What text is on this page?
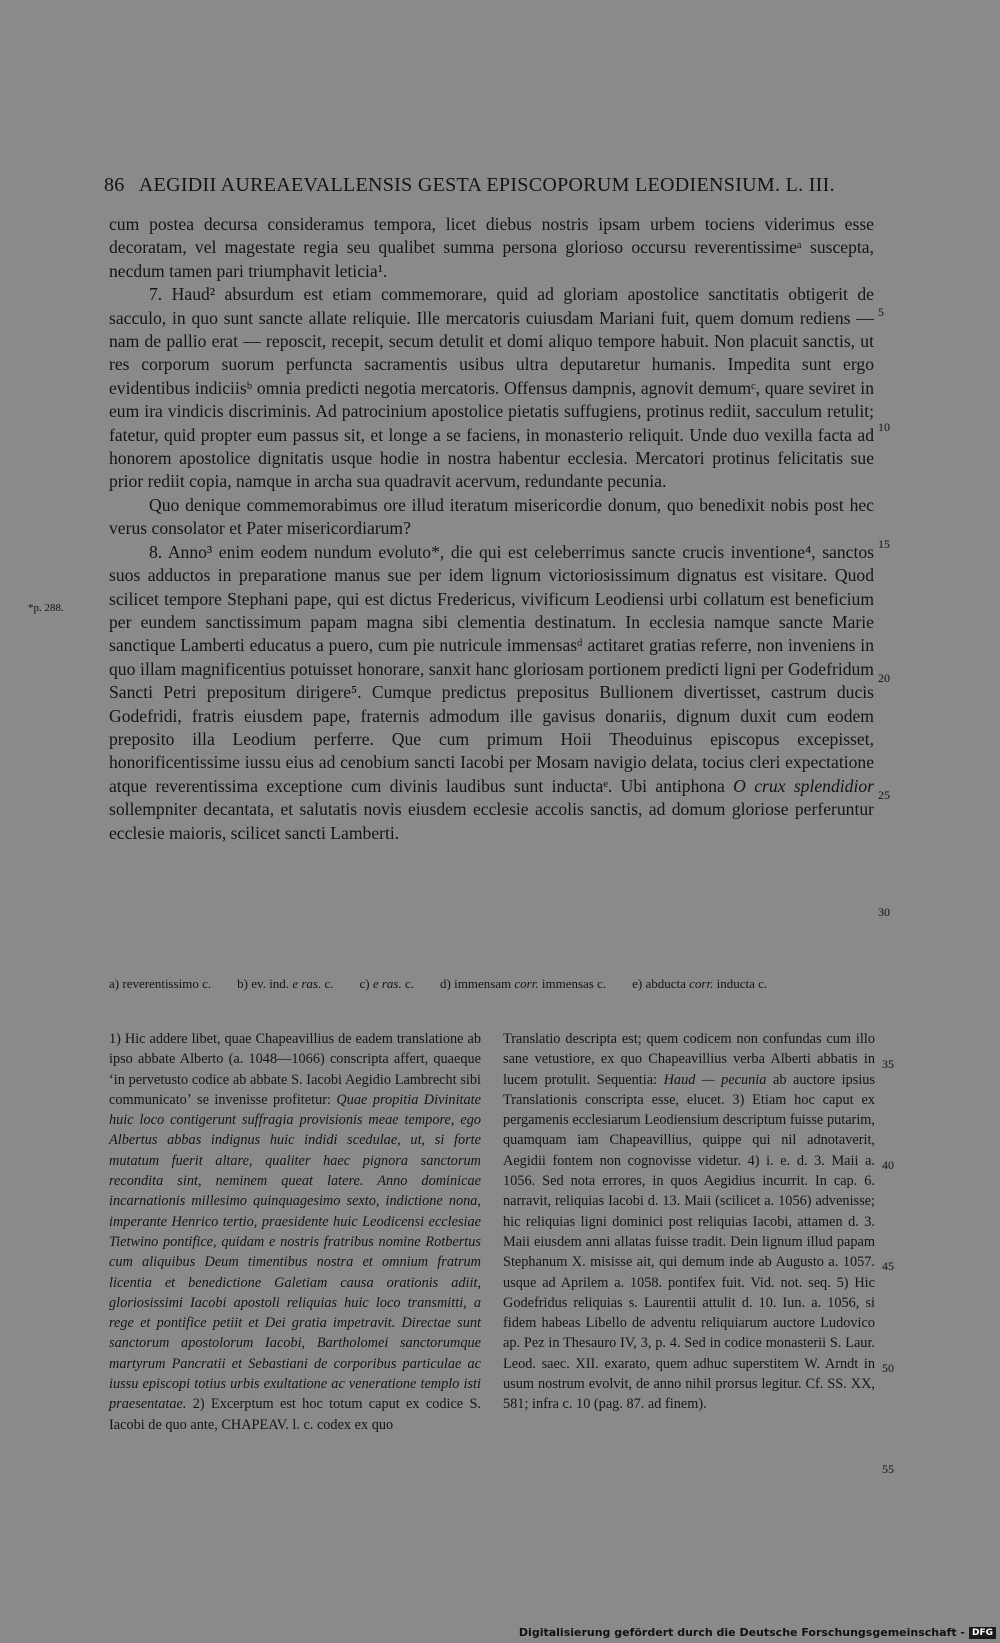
86 AEGIDII AUREAEVALLENSIS GESTA EPISCOPORUM LEODIENSIUM. L. III.

cum postea decursa consideramus tempora, licet diebus nostris ipsam urbem tociens viderimus esse decoratam, vel magestate regia seu qualibet summa persona glorioso occursu reverentissimeᵃ suscepta, necdum tamen pari triumphavit leticia¹.

7. Haud² absurdum est etiam commemorare, quid ad gloriam apostolice sanctitatis obtigerit de sacculo, in quo sunt sancte allate reliquie. Ille mercatoris cuiusdam Mariani fuit, quem domum rediens — nam de pallio erat — reposcit, recepit, secum detulit et domi aliquo tempore habuit. Non placuit sanctis, ut res corporum suorum perfuncta sacramentis usibus ultra deputaretur humanis. Impedita sunt ergo evidentibus indiciisᵇ omnia predicti negotia mercatoris. Offensus dampnis, agnovit demumᶜ, quare seviret in eum ira vindicis discriminis. Ad patrocinium apostolice pietatis suffugiens, protinus rediit, sacculum retulit; fatetur, quid propter eum passus sit, et longe a se faciens, in monasterio reliquit. Unde duo vexilla facta ad honorem apostolice dignitatis usque hodie in nostra habentur ecclesia. Mercatori protinus felicitatis sue prior rediit copia, namque in archa sua quadravit acervum, redundante pecunia.

Quo denique commemorabimus ore illud iteratum misericordie donum, quo benedixit nobis post hec verus consolator et Pater misericordiarum?

8. Anno³ enim eodem nundum evoluto*, die qui est celeberrimus sancte crucis inventione⁴, sanctos suos adductos in preparatione manus sue per idem lignum victoriosissimum dignatus est visitare. Quod scilicet tempore Stephani pape, qui est dictus Fredericus, vivificum Leodiensi urbi collatum est beneficium per eundem sanctissimum papam magna sibi clementia destinatum. In ecclesia namque sancte Marie sanctique Lamberti educatus a puero, cum pie nutricule immensasᵈ actitaret gratias referre, non inveniens in quo illam magnificentius potuisset honorare, sanxit hanc gloriosam portionem predicti ligni per Godefridum Sancti Petri prepositum dirigere⁵. Cumque predictus prepositus Bullionem divertisset, castrum ducis Godefridi, fratris eiusdem pape, fraternis admodum ille gavisus donariis, dignum duxit cum eodem preposito illa Leodium perferre. Que cum primum Hoii Theoduinus episcopus excepisset, honorificentissime iussu eius ad cenobium sancti Iacobi per Mosam navigio delata, tocius cleri expectatione atque reverentissima exceptione cum divinis laudibus sunt inductaᵉ. Ubi antiphona O crux splendidior sollempniter decantata, et salutatis novis eiusdem ecclesie accolis sanctis, ad domum gloriose perferuntur ecclesie maioris, scilicet sancti Lamberti.

*p. 288.
5
10
15
20
25
30
a) reverentissimo c. b) ev. ind. e ras. c. c) e ras. c. d) immensam corr. immensas c. e) abducta corr. inducta c.

1) Hic addere libet, quae Chapeavillius de eadem translatione ab ipso abbate Alberto (a. 1048—1066) conscripta affert, quaeque ʻin pervetusto codice ab abbate S. Iacobi Aegidio Lambrecht sibi communicatoʼ se invenisse profitetur: Quae propitia Divinitate huic loco contigerunt suffragia provisionis meae tempore, ego Albertus abbas indignus huic indidi scedulae, ut, si forte mutatum fuerit altare, qualiter haec pignora sanctorum recondita sint, neminem queat latere. Anno dominicae incarnationis millesimo quinquagesimo sexto, indictione nona, imperante Henrico tertio, praesidente huic Leodicensi ecclesiae Tietwino pontifice, quidam e nostris fratribus nomine Rotbertus cum aliquibus Deum timentibus nostra et omnium fratrum licentia et benedictione Galetiam causa orationis adiit, gloriosissimi Iacobi apostoli reliquias huic loco transmitti, a rege et pontifice petiit et Dei gratia impetravit. Directae sunt sanctorum apostolorum Iacobi, Bartholomei sanctorumque martyrum Pancratii et Sebastiani de corporibus particulae ac iussu episcopi totius urbis exultatione ac veneratione templo isti praesentatae. 2) Excerptum est hoc totum caput ex codice S. Iacobi de quo ante, CHAPEAV. l. c. codex ex quo

Translatio descripta est; quem codicem non confundas cum illo sane vetustiore, ex quo Chapeavillius verba Alberti abbatis in lucem protulit. Sequentia: Haud — pecunia ab auctore ipsius Translationis conscripta esse, elucet. 3) Etiam hoc caput ex pergamenis ecclesiarum Leodiensium descriptum fuisse putarim, quamquam iam Chapeavillius, quippe qui nil adnotaverit, Aegidii fontem non cognovisse videtur. 4) i. e. d. 3. Maii a. 1056. Sed nota errores, in quos Aegidius incurrit. In cap. 6. narravit, reliquias Iacobi d. 13. Maii (scilicet a. 1056) advenisse; hic reliquias ligni dominici post reliquias Iacobi, attamen d. 3. Maii eiusdem anni allatas fuisse tradit. Dein lignum illud papam Stephanum X. misisse ait, qui demum inde ab Augusto a. 1057. usque ad Aprilem a. 1058. pontifex fuit. Vid. not. seq. 5) Hic Godefridus reliquias s. Laurentii attulit d. 10. Iun. a. 1056, si fidem habeas Libello de adventu reliquiarum auctore Ludovico ap. Pez in Thesauro IV, 3, p. 4. Sed in codice monasterii S. Laur. Leod. saec. XII. exarato, quem adhuc superstitem W. Arndt in usum nostrum evolvit, de anno nihil prorsus legitur. Cf. SS. XX, 581; infra c. 10 (pag. 87. ad finem).

35
40
45
50
55
Digitalisierung gefördert durch die Deutsche Forschungsgemeinschaft - DFG
